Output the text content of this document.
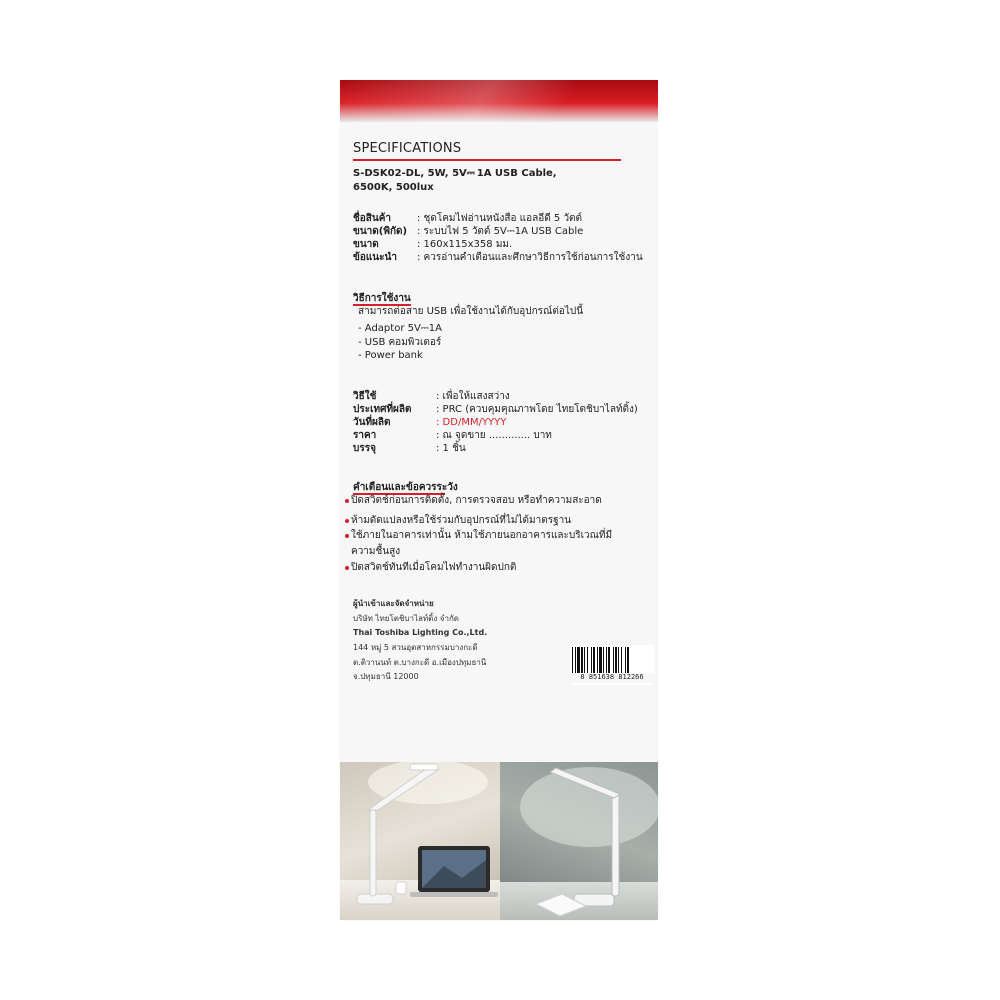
SPECIFICATIONS
S-DSK02-DL, 5W, 5V⎓ 1A USB Cable,
6500K, 500lux
ชื่อสินค้า	: ชุดโคมไฟอ่านหนังสือ แอลอีดี 5 วัตต์
ขนาด(พิกัด) : ระบบไฟ 5 วัตต์ 5V⎓1A USB Cable
ขนาด	: 160x115x358 มม.
ข้อแนะนำ : ควรอ่านคำเตือนและศึกษาวิธีการใช้ก่อนการใช้งาน
วิธีการใช้งาน
สามารถต่อสาย USB เพื่อใช้งานได้กับอุปกรณ์ต่อไปนี้
- Adaptor 5V⎓1A
- USB คอมพิวเตอร์
- Power bank
วิธีใช้	: เพื่อให้แสงสว่าง
ประเทศที่ผลิต : PRC (ควบคุมคุณภาพโดย ไทยโตชิบาไลท์ติ้ง)
วันที่ผลิต	: DD/MM/YYYY
ราคา	: ณ จุดขาย ............. บาท
บรรจุ	: 1 ชิ้น
คำเตือนและข้อควรระวัง
ปิดสวิตช์ก่อนการติดตั้ง, การตรวจสอบ หรือทำความสะอาด
ห้ามดัดแปลงหรือใช้ร่วมกับอุปกรณ์ที่ไม่ได้มาตรฐาน
ใช้ภายในอาคารเท่านั้น ห้ามใช้ภายนอกอาคารและบริเวณที่มี
ความชื้นสูง
ปิดสวิตช์ทันทีเมื่อโคมไฟทำงานผิดปกติ
ผู้นำเข้าและจัดจำหน่าย
บริษัท ไทยโตชิบาไลท์ติ้ง จำกัด
Thai Toshiba Lighting Co.,Ltd.
144 หมู่ 5 สวนอุตสาหกรรมบางกะดี
ต.ติวานนท์ ต.บางกะดี อ.เมืองปทุมธานี
จ.ปทุมธานี 12000	8 851638 812266
